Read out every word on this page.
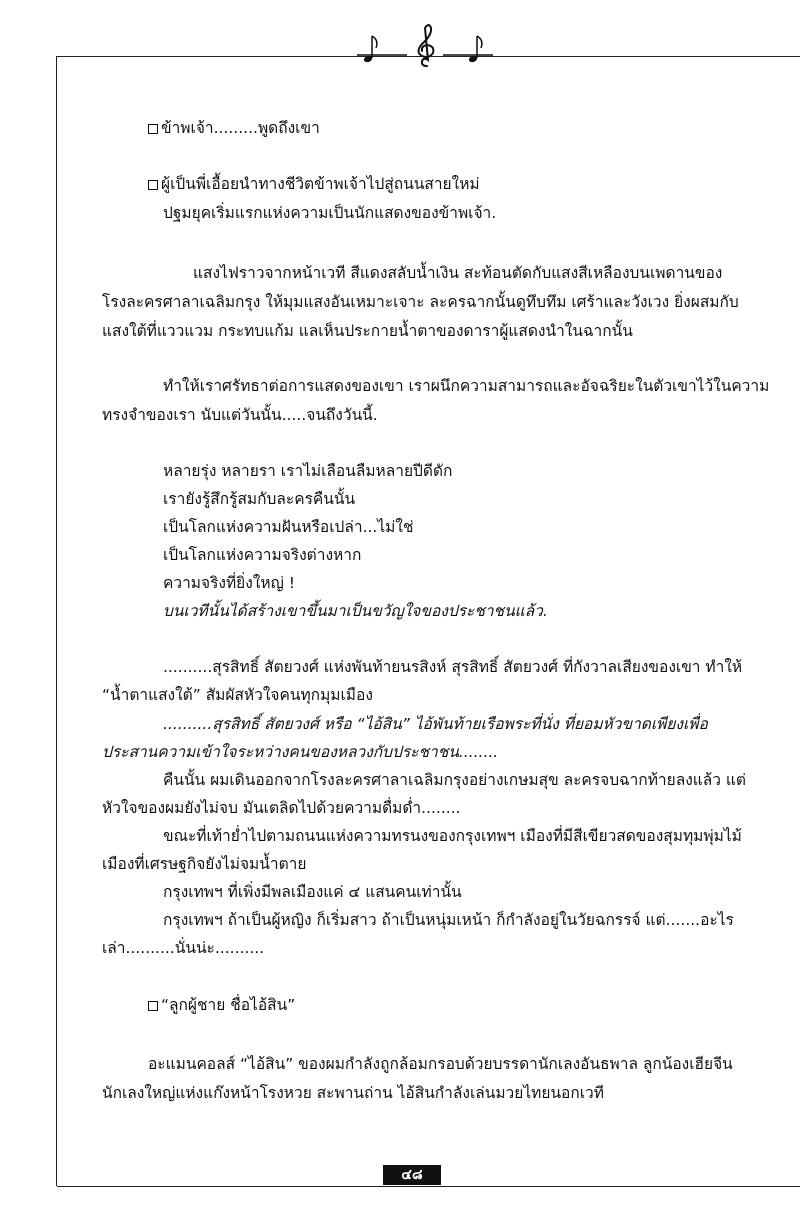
ข้าพเจ้า.........พูดถึงเขา
ผู้เป็นพี่เอื้อยนำทางชีวิตข้าพเจ้าไปสู่ถนนสายใหม่
ปฐมยุคเริ่มแรกแห่งความเป็นนักแสดงของข้าพเจ้า.
แสงไฟราวจากหน้าเวที สีแดงสลับน้ำเงิน สะท้อนตัดกับแสงสีเหลืองบนเพดานของ
โรงละครศาลาเฉลิมกรุง ให้มุมแสงอันเหมาะเจาะ ละครฉากนั้นดูทึบทึม เศร้าและวังเวง ยิ่งผสมกับ
แสงใต้ที่แววแวม กระทบแก้ม แลเห็นประกายน้ำตาของดาราผู้แสดงนำในฉากนั้น
ทำให้เราศรัทธาต่อการแสดงของเขา เราผนึกความสามารถและอัจฉริยะในตัวเขาไว้ในความ
ทรงจำของเรา นับแต่วันนั้น.....จนถึงวันนี้.
หลายรุ่ง หลายรา เราไม่เลือนลืมหลายปีดีดัก
เรายังรู้สึกรู้สมกับละครคืนนั้น
เป็นโลกแห่งความฝันหรือเปล่า...ไม่ใช่
เป็นโลกแห่งความจริงต่างหาก
ความจริงที่ยิ่งใหญ่ !
บนเวทีนั้นได้สร้างเขาขึ้นมาเป็นขวัญใจของประชาชนแล้ว.
..........สุรสิทธิ์ สัตยวงศ์ แห่งพันท้ายนรสิงห์ สุรสิทธิ์ สัตยวงศ์ ที่กังวาลเสียงของเขา ทำให้
“น้ำตาแสงใต้” สัมผัสหัวใจคนทุกมุมเมือง
..........สุรสิทธิ์ สัตยวงศ์ หรือ “ไอ้สิน” ไอ้พันท้ายเรือพระที่นั่ง ที่ยอมหัวขาดเพียงเพื่อ
ประสานความเข้าใจระหว่างคนของหลวงกับประชาชน........
คืนนั้น ผมเดินออกจากโรงละครศาลาเฉลิมกรุงอย่างเกษมสุข ละครจบฉากท้ายลงแล้ว แต่
หัวใจของผมยังไม่จบ มันเตลิดไปด้วยความดื่มด่ำ........
ขณะที่เท้าย่ำไปตามถนนแห่งความทรนงของกรุงเทพฯ เมืองที่มีสีเขียวสดของสุมทุมพุ่มไม้
เมืองที่เศรษฐกิจยังไม่จมน้ำตาย
กรุงเทพฯ ที่เพิ่งมีพลเมืองแค่ ๔ แสนคนเท่านั้น
กรุงเทพฯ ถ้าเป็นผู้หญิง ก็เริ่มสาว ถ้าเป็นหนุ่มเหน้า ก็กำลังอยู่ในวัยฉกรรจ์ แต่.......อะไร
เล่า..........นั่นน่ะ..........
“ลูกผู้ชาย ชื่อไอ้สิน”
อะแมนคอลส์ “ไอ้สิน” ของผมกำลังถูกล้อมกรอบด้วยบรรดานักเลงอันธพาล ลูกน้องเฮียจีน
นักเลงใหญ่แห่งแก๊งหน้าโรงหวย สะพานถ่าน ไอ้สินกำลังเล่นมวยไทยนอกเวที
๔๘
